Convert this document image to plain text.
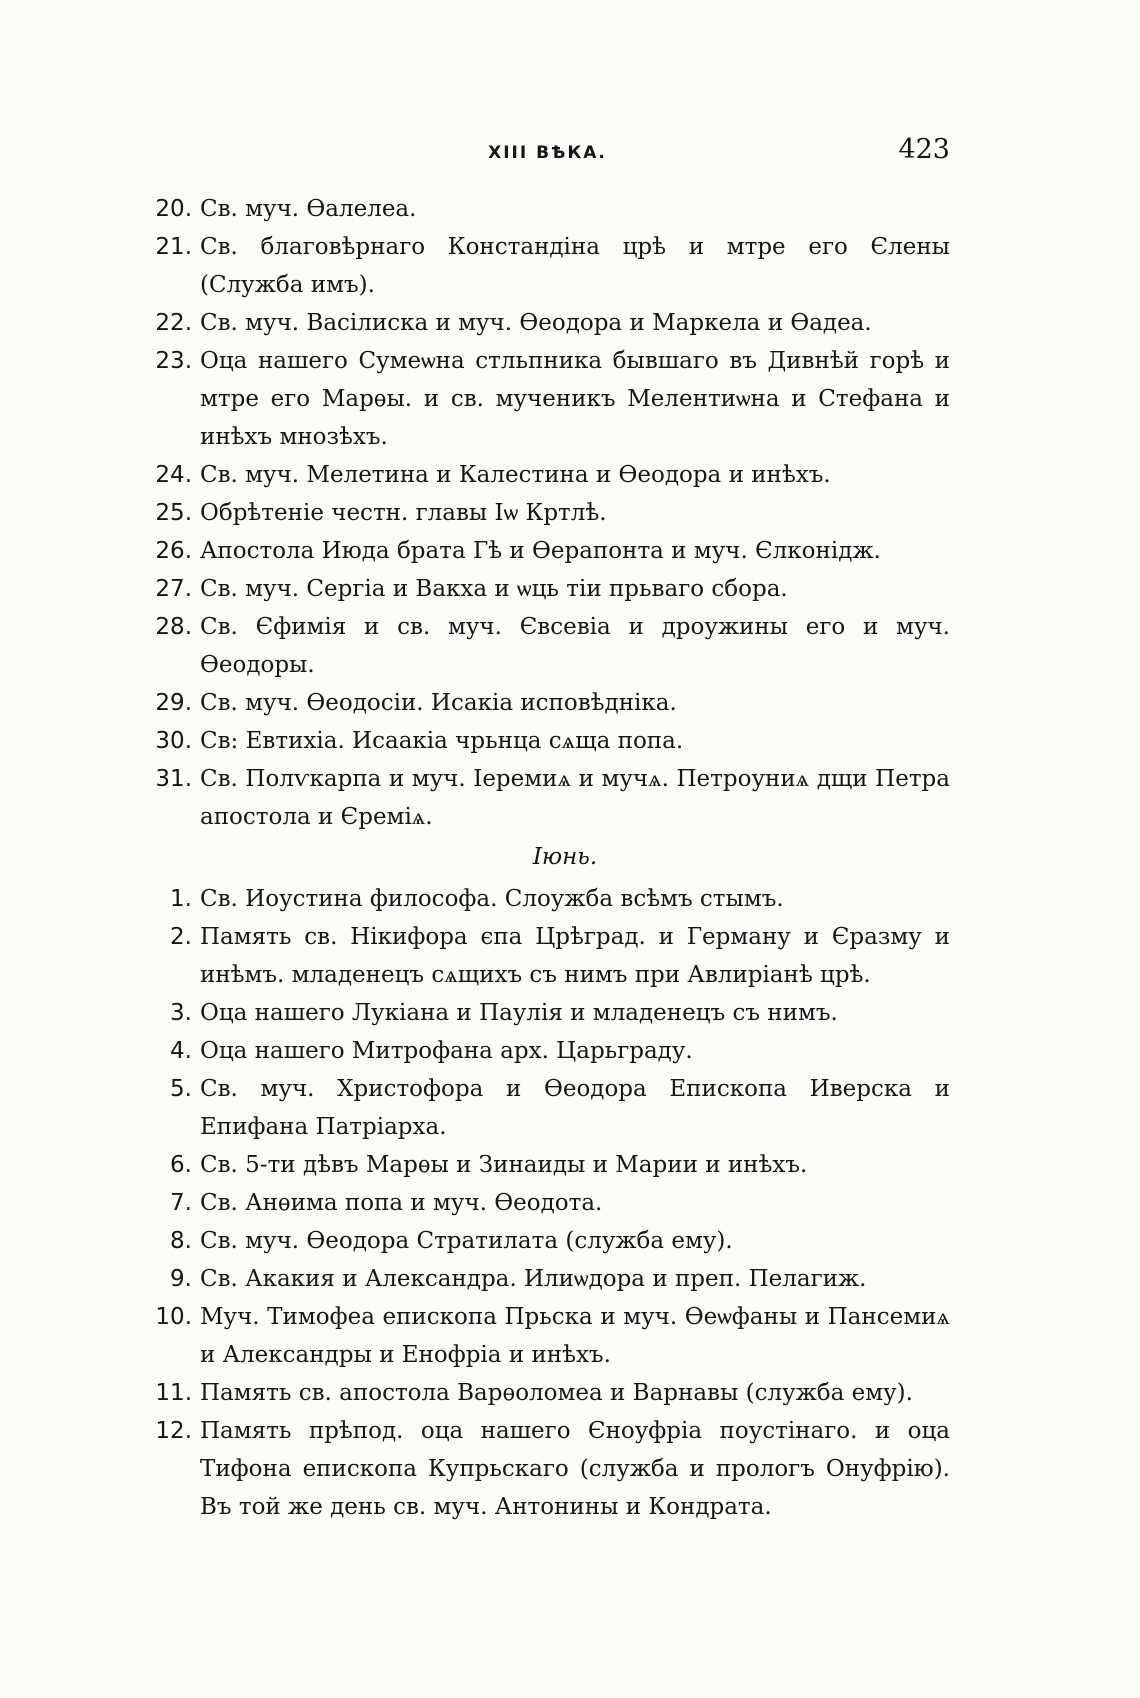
XIII ВѢКА.	423
20. Св. муч. Ѳалелеа.
21. Св. благовѣрнаго Констандіна црѣ и мтре его Єлены (Служба имъ).
22. Св. муч. Васілиска и муч. Ѳеодора и Маркела и Ѳадеа.
23. Оца нашего Сумеѡна стльпника бывшаго въ Дивнѣй горѣ и мтре его Марѳы. и св. мученикъ Мелентиѡна и Стефана и инѣхъ мнозѣхъ.
24. Св. муч. Мелетина и Калестина и Ѳеодора и инѣхъ.
25. Обрѣтеніе честн. главы Іѡ Кртлѣ.
26. Апостола Июда брата Гѣ и Ѳерапонта и муч. Єлконідж.
27. Св. муч. Сергіа и Вакха и ѡць тіи прьваго сбора.
28. Св. Єфимія и св. муч. Євсевіа и дроужины его и муч. Ѳеодоры.
29. Св. муч. Ѳеодосіи. Исакіа исповѣдніка.
30. Св: Евтихіа. Исаакіа чрьнца сѧща попа.
31. Св. Полѵкарпа и муч. Іеремиѧ и мучѧ. Петроуниѧ дщи Петра апостола и Єреміѧ.
Іюнь.
1. Св. Иоустина философа. Слоужба всѣмъ стымъ.
2. Память св. Нікифора єпа Црѣград. и Герману и Єразму и инѣмъ. младенецъ сѧщихъ съ нимъ при Авлиріанѣ црѣ.
3. Оца нашего Лукіана и Паулія и младенецъ съ нимъ.
4. Оца нашего Митрофана арх. Царьграду.
5. Св. муч. Христофора и Ѳеодора Епископа Иверска и Епифана Патріарха.
6. Св. 5-ти дѣвъ Марѳы и Зинаиды и Марии и инѣхъ.
7. Св. Анѳима попа и муч. Ѳеодота.
8. Св. муч. Ѳеодора Стратилата (служба ему).
9. Св. Акакия и Александра. Илиѡдора и преп. Пелагиж.
10. Муч. Тимофеа епископа Прьска и муч. Ѳеѡфаны и Пансемиѧ и Александры и Енофріа и инѣхъ.
11. Память св. апостола Варѳоломеа и Варнавы (служба ему).
12. Память прѣпод. оца нашего Єноуфріа поустінаго. и оца Тифона епископа Купрьскаго (служба и прологъ Онуфрію). Въ той же день св. муч. Антонины и Кондрата.
